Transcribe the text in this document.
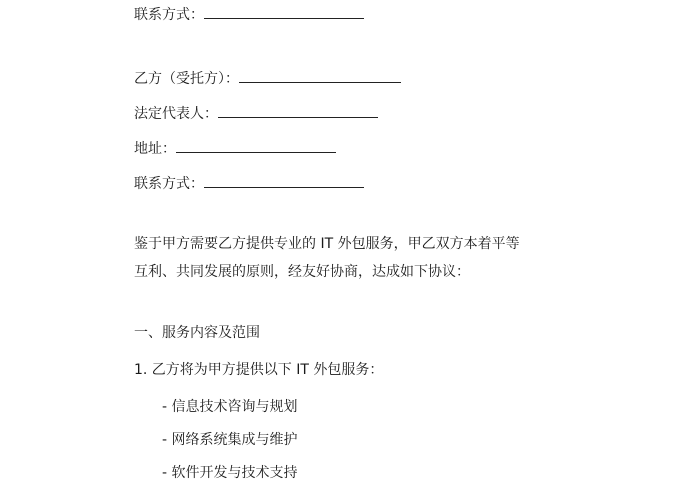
联系方式：
乙方（受托方）：
法定代表人：
地址：
联系方式：
鉴于甲方需要乙方提供专业的 IT 外包服务，甲乙双方本着平等
互利、共同发展的原则，经友好协商，达成如下协议：
一、服务内容及范围
1. 乙方将为甲方提供以下 IT 外包服务：
- 信息技术咨询与规划
- 网络系统集成与维护
- 软件开发与技术支持
